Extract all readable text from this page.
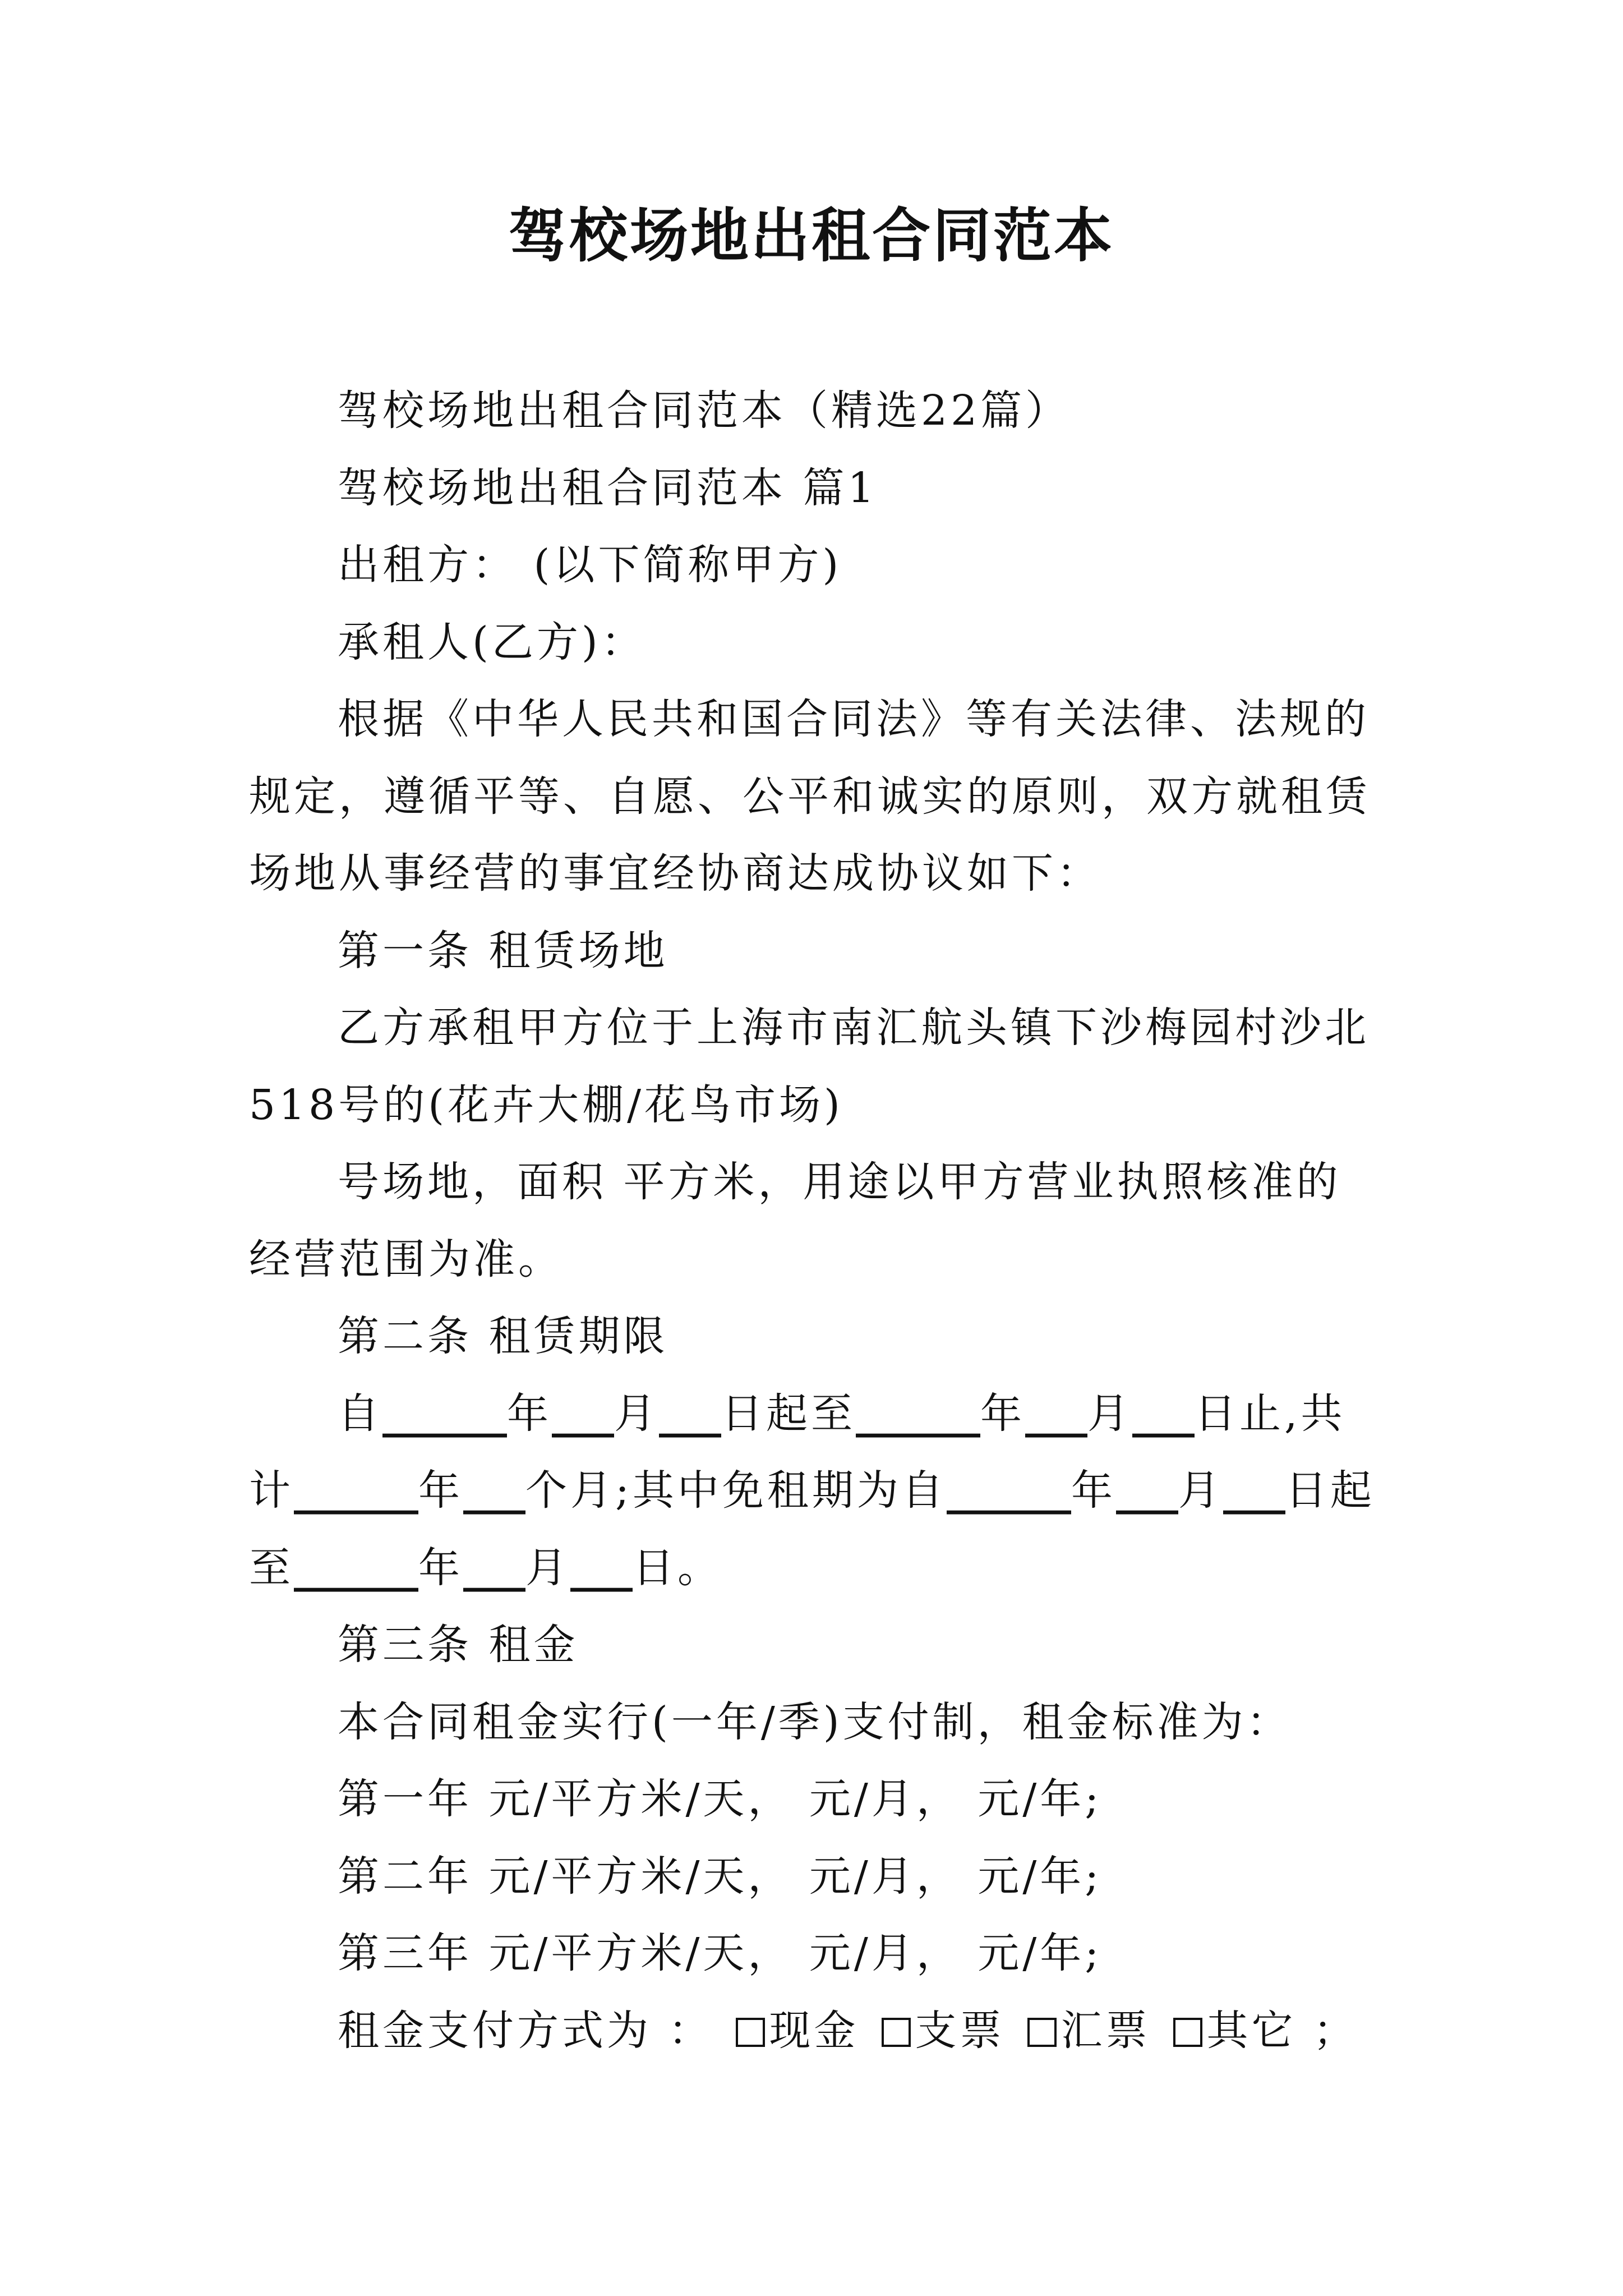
驾校场地出租合同范本

驾校场地出租合同范本（精选22篇）

驾校场地出租合同范本 篇1

出租方： (以下简称甲方)

承租人(乙方)：

根据《中华人民共和国合同法》等有关法律、法规的规定，遵循平等、自愿、公平和诚实的原则，双方就租赁场地从事经营的事宜经协商达成协议如下：

第一条 租赁场地

乙方承租甲方位于上海市南汇航头镇下沙梅园村沙北518号的(花卉大棚/花鸟市场)

号场地，面积 平方米，用途以甲方营业执照核准的经营范围为准。

第二条 租赁期限

自______年___月___日起至______年___月___日止,共计______年___个月;其中免租期为自______年___月___日起至______年___月___日。

第三条 租金

本合同租金实行(一年/季)支付制，租金标准为：

第一年 元/平方米/天， 元/月， 元/年;

第二年 元/平方米/天， 元/月， 元/年;

第三年 元/平方米/天， 元/月， 元/年;

租金支付方式为 ： 现金 支票 汇票 其它 ；
